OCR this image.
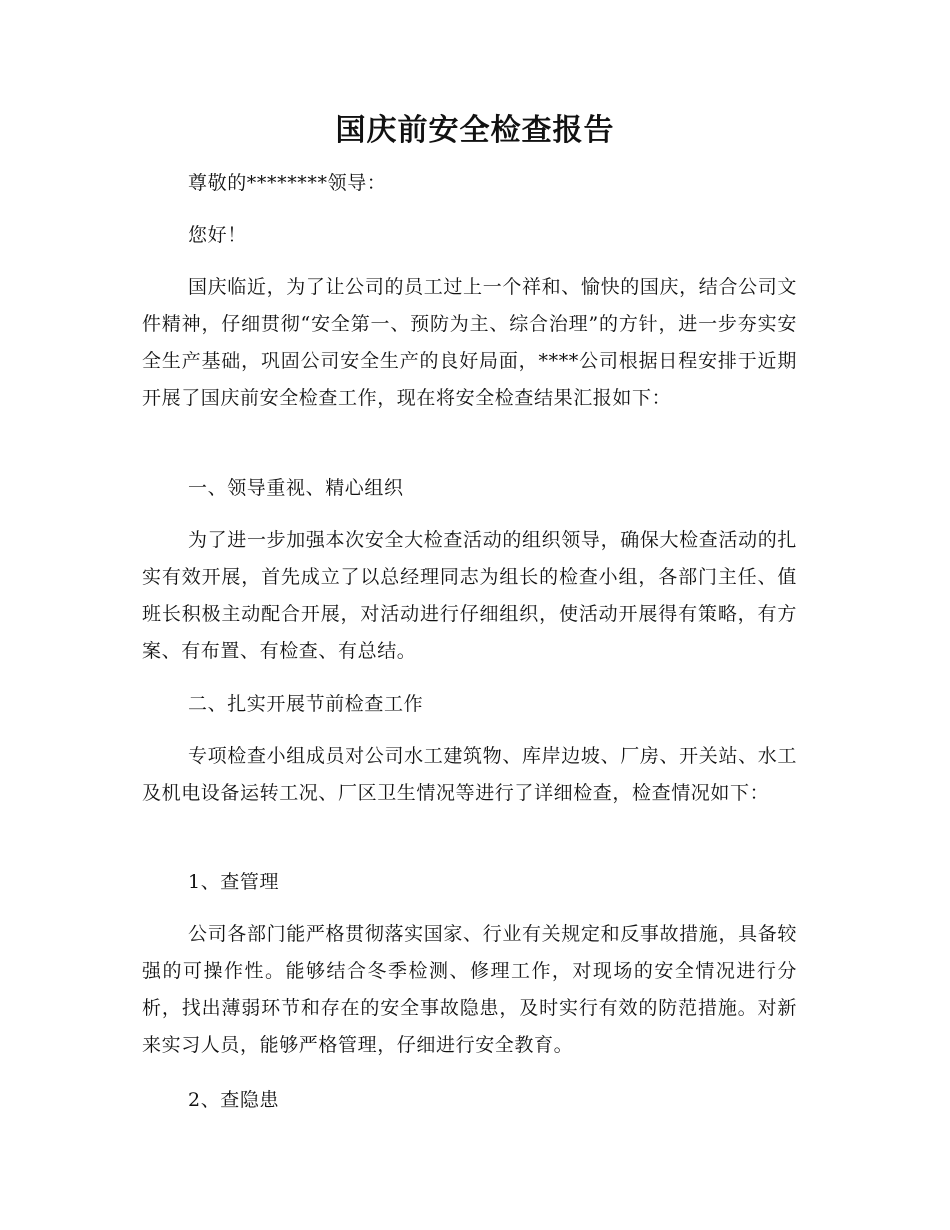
国庆前安全检查报告

尊敬的********领导：

您好！

国庆临近，为了让公司的员工过上一个祥和、愉快的国庆，结合公司文件精神，仔细贯彻“安全第一、预防为主、综合治理”的方针，进一步夯实安全生产基础，巩固公司安全生产的良好局面，****公司根据日程安排于近期开展了国庆前安全检查工作，现在将安全检查结果汇报如下：

一、领导重视、精心组织

为了进一步加强本次安全大检查活动的组织领导，确保大检查活动的扎实有效开展，首先成立了以总经理同志为组长的检查小组，各部门主任、值班长积极主动配合开展，对活动进行仔细组织，使活动开展得有策略，有方案、有布置、有检查、有总结。

二、扎实开展节前检查工作

专项检查小组成员对公司水工建筑物、库岸边坡、厂房、开关站、水工及机电设备运转工况、厂区卫生情况等进行了详细检查，检查情况如下：

1、查管理

公司各部门能严格贯彻落实国家、行业有关规定和反事故措施，具备较强的可操作性。能够结合冬季检测、修理工作，对现场的安全情况进行分析，找出薄弱环节和存在的安全事故隐患，及时实行有效的防范措施。对新来实习人员，能够严格管理，仔细进行安全教育。

2、查隐患
